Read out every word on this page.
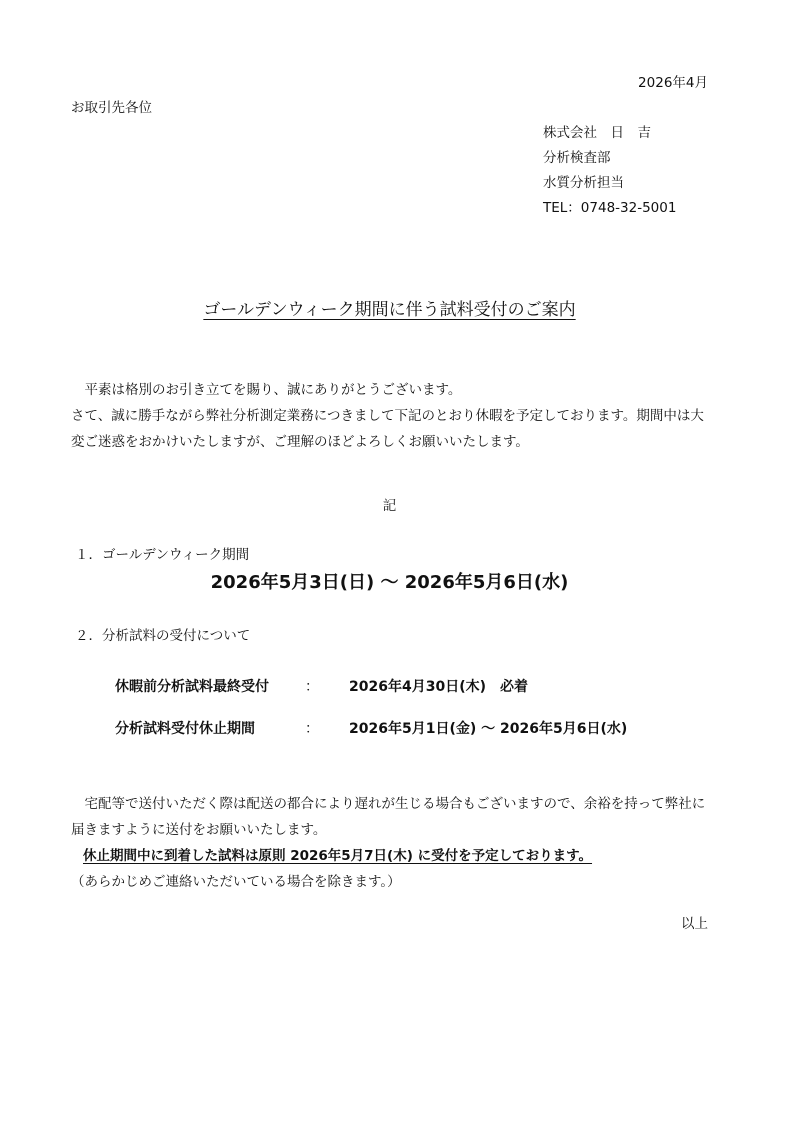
2026年4月
お取引先各位
株式会社　日　吉
分析検査部
水質分析担当
TEL：0748-32-5001
ゴールデンウィーク期間に伴う試料受付のご案内
　平素は格別のお引き立てを賜り、誠にありがとうございます。
さて、誠に勝手ながら弊社分析測定業務につきまして下記のとおり休暇を予定しております。期間中は大変ご迷惑をおかけいたしますが、ご理解のほどよろしくお願いいたします。
記
１．ゴールデンウィーク期間
2026年5月3日(日) ～ 2026年5月6日(水)
２．分析試料の受付について
休暇前分析試料最終受付	： 2026年4月30日(木)　必着
分析試料受付休止期間	： 2026年5月1日(金) ～ 2026年5月6日(水)
　宅配等で送付いただく際は配送の都合により遅れが生じる場合もございますので、余裕を持って弊社に届きますように送付をお願いいたします。
休止期間中に到着した試料は原則 2026年5月7日(木) に受付を予定しております。
（あらかじめご連絡いただいている場合を除きます。）
以上
